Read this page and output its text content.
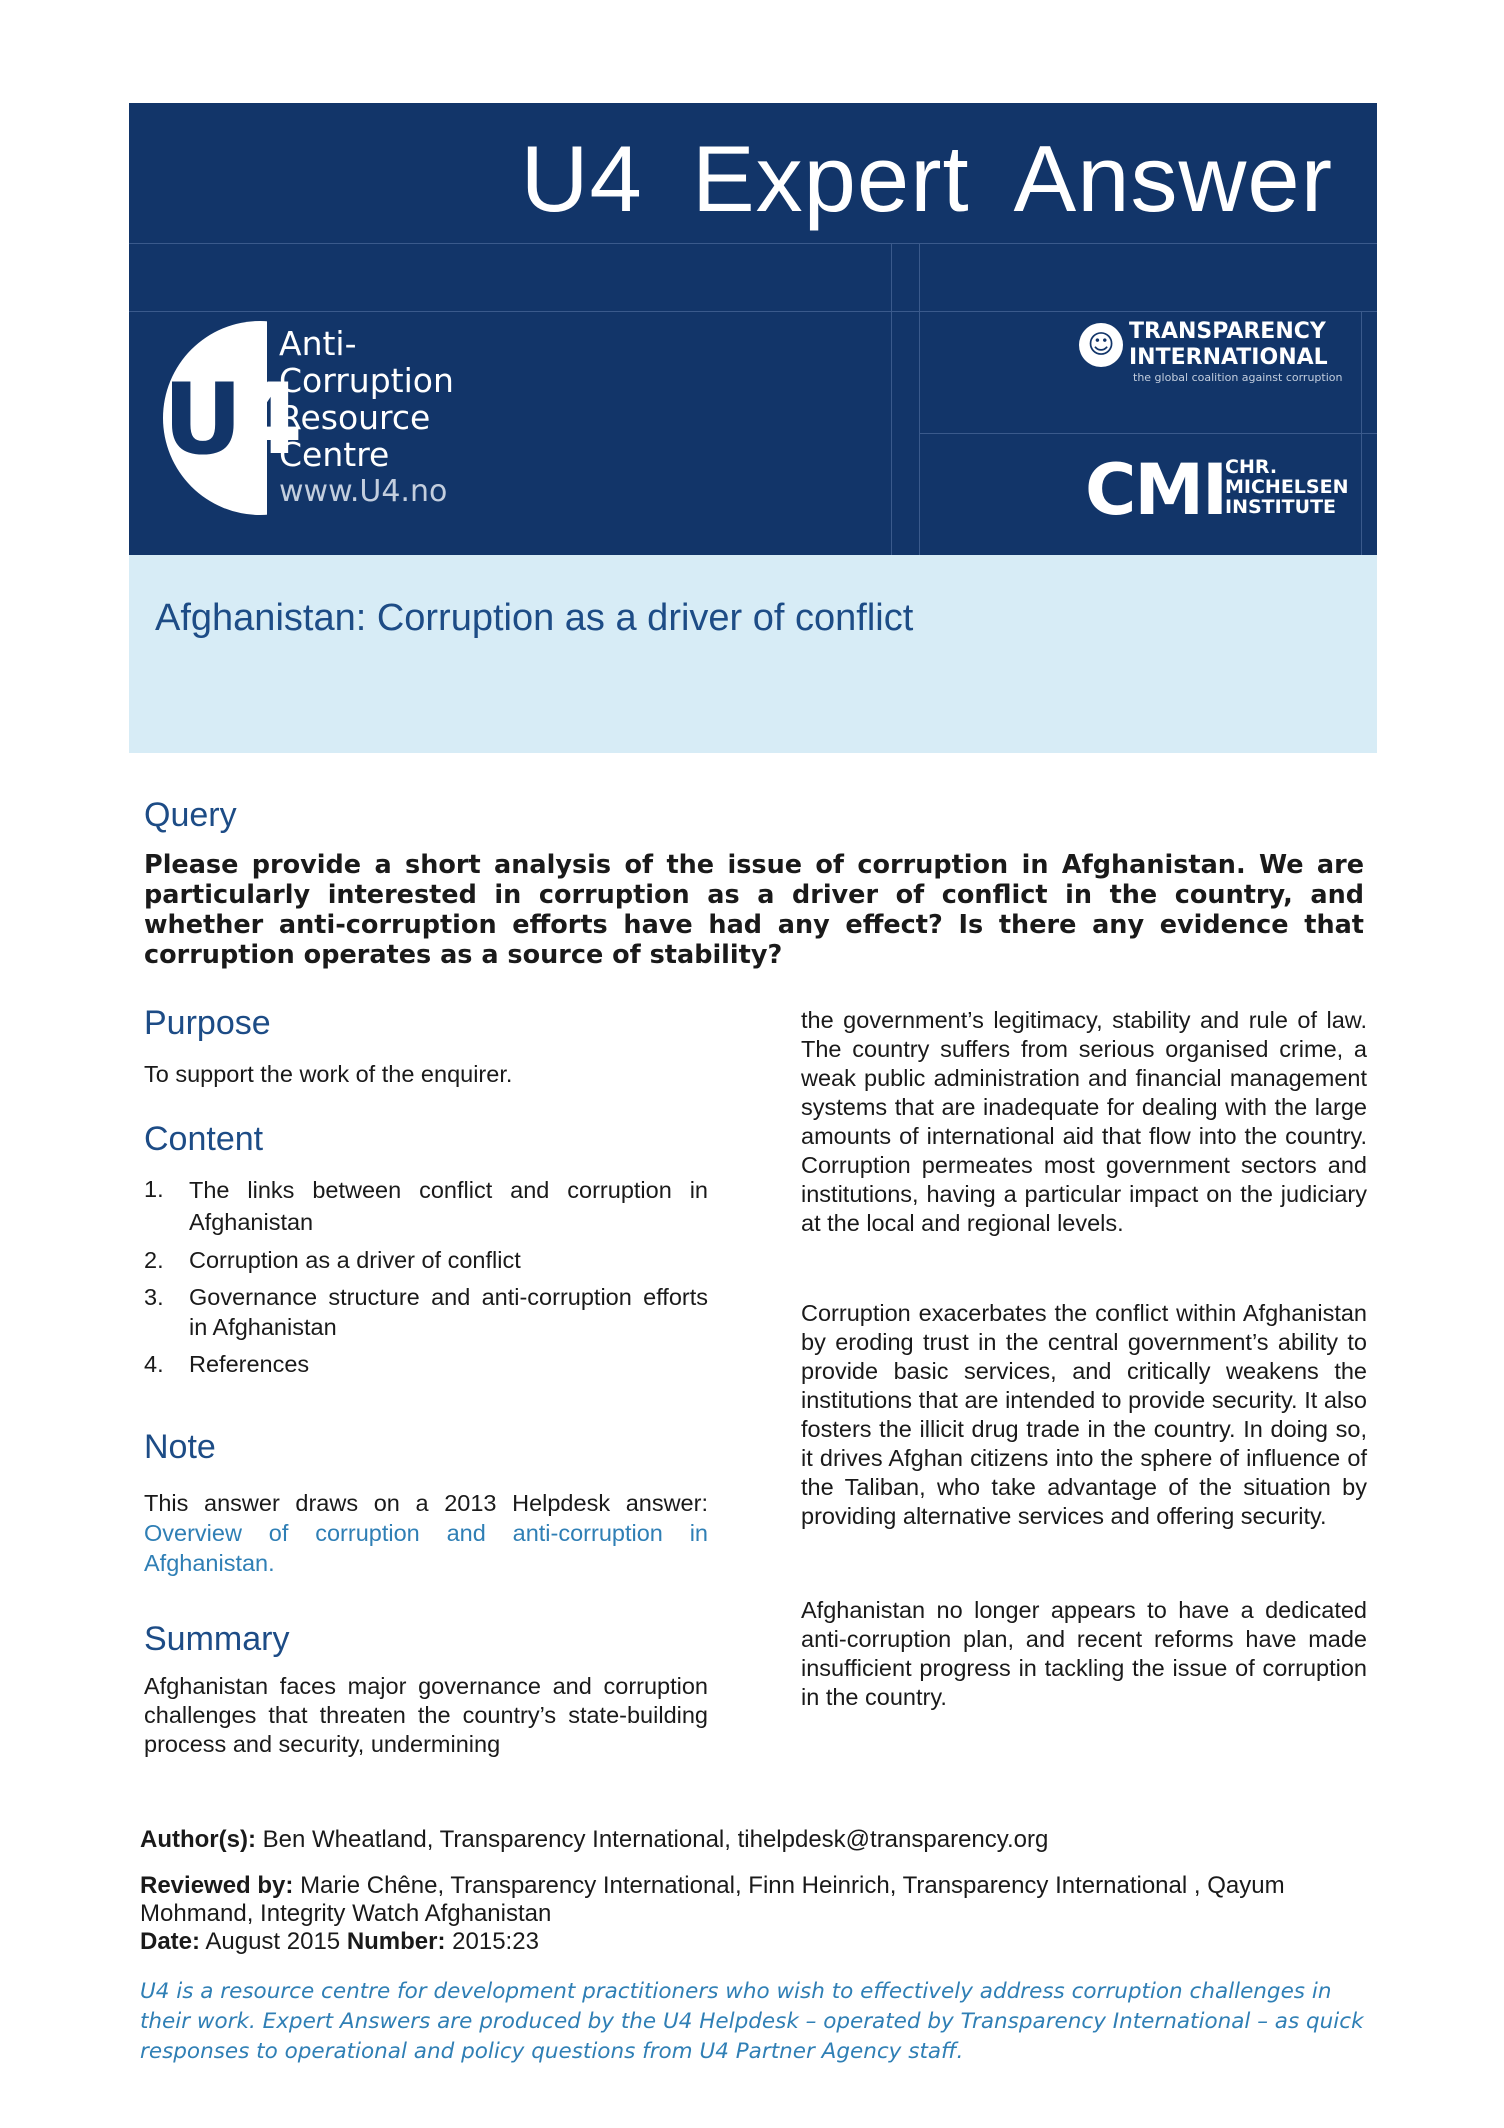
U4 Expert Answer
U4
Anti-
Corruption
Resource
Centre
www.U4.no
☺ TRANSPARENCY
INTERNATIONAL
the global coalition against corruption
CMI
CHR.
MICHELSEN
INSTITUTE
Afghanistan: Corruption as a driver of conflict
Query

Please provide a short analysis of the issue of corruption in Afghanistan. We are particularly interested in corruption as a driver of conflict in the country, and whether anti-corruption efforts have had any effect? Is there any evidence that corruption operates as a source of stability?

Purpose

To support the work of the enquirer.

Content
1. The links between conflict and corruption in Afghanistan
2. Corruption as a driver of conflict
3. Governance structure and anti-corruption efforts in Afghanistan
4. References
Note

This answer draws on a 2013 Helpdesk answer: Overview of corruption and anti-corruption in Afghanistan.

Summary

Afghanistan faces major governance and corruption challenges that threaten the country’s state-building process and security, undermining

the government’s legitimacy, stability and rule of law. The country suffers from serious organised crime, a weak public administration and financial management systems that are inadequate for dealing with the large amounts of international aid that flow into the country. Corruption permeates most government sectors and institutions, having a particular impact on the judiciary at the local and regional levels.

Corruption exacerbates the conflict within Afghanistan by eroding trust in the central government’s ability to provide basic services, and critically weakens the institutions that are intended to provide security. It also fosters the illicit drug trade in the country. In doing so, it drives Afghan citizens into the sphere of influence of the Taliban, who take advantage of the situation by providing alternative services and offering security.

Afghanistan no longer appears to have a dedicated anti-corruption plan, and recent reforms have made insufficient progress in tackling the issue of corruption in the country.

Author(s): Ben Wheatland, Transparency International, tihelpdesk@transparency.org

Reviewed by: Marie Chêne, Transparency International, Finn Heinrich, Transparency International , Qayum Mohmand, Integrity Watch Afghanistan
Date: August 2015 Number: 2015:23

U4 is a resource centre for development practitioners who wish to effectively address corruption challenges in their work. Expert Answers are produced by the U4 Helpdesk – operated by Transparency International – as quick responses to operational and policy questions from U4 Partner Agency staff.
